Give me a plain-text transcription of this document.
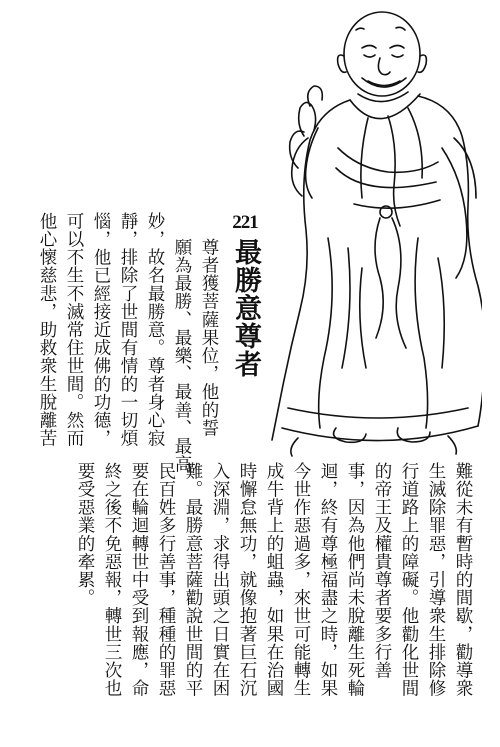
221
最勝意尊者
尊者獲菩薩果位，他的誓
願為最勝、最樂、最善、最高
妙，故名最勝意。尊者身心寂
靜，排除了世間有情的一切煩
惱，他已經接近成佛的功德，
可以不生不滅常住世間。然而
他心懷慈悲，助救衆生脫離苦
難從未有暫時的間歇，勸導衆
生滅除罪惡，引導衆生排除修
行道路上的障礙。他勸化世間
的帝王及權貴尊者要多行善
事，因為他們尚未脫離生死輪
迴，終有尊極福盡之時，如果
今世作惡過多，來世可能轉生
成牛背上的蛆蟲，如果在治國
時懈怠無功，就像抱著巨石沉
入深淵，求得出頭之日實在困
難。最勝意菩薩勸說世間的平
民百姓多行善事，種種的罪惡
要在輪迴轉世中受到報應，命
終之後不免惡報，轉世三次也
要受惡業的牽累。
